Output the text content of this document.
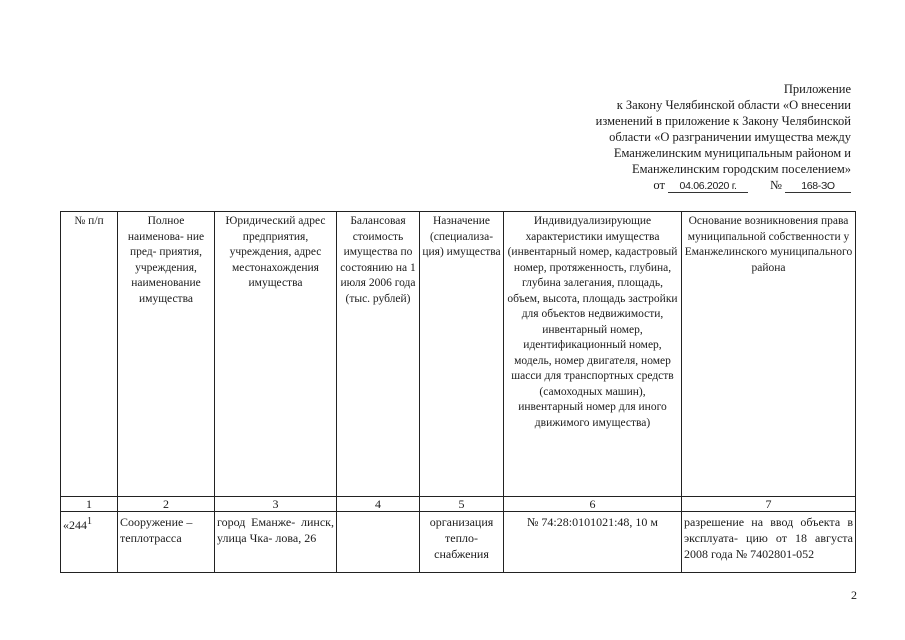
Приложение
к Закону Челябинской области «О внесении
изменений в приложение к Закону Челябинской
области «О разграничении имущества между
Еманжелинским муниципальным районом и
Еманжелинским городским поселением»
от 04.06.2020 г.	№ 168-ЗО
№ п/п	Полное наименова- ние пред- приятия, учреждения, наименование имущества	Юридический адрес предприятия, учреждения, адрес местонахождения имущества	Балансовая стоимость имущества по состоянию на 1 июля 2006 года (тыс. рублей)	Назначение (специализа- ция) имущества	Индивидуализирующие характеристики имущества (инвентарный номер, кадастровый номер, протяженность, глубина, глубина залегания, площадь, объем, высота, площадь застройки для объектов недвижимости, инвентарный номер, идентификационный номер, модель, номер двигателя, номер шасси для транспортных средств (самоходных машин), инвентарный номер для иного движимого имущества)	Основание возникновения права муниципальной собственности у Еманжелинского муниципального района
1	2	3	4	5	6	7
«$244^1$	Сооружение – теплотрасса	город Еманже- линск, улица Чка- лова, 26		организация тепло- снабжения	№ 74:28:0101021:48, 10 м	разрешение на ввод объекта в эксплуата- цию от 18 августа 2008 года № 7402801-052
2
